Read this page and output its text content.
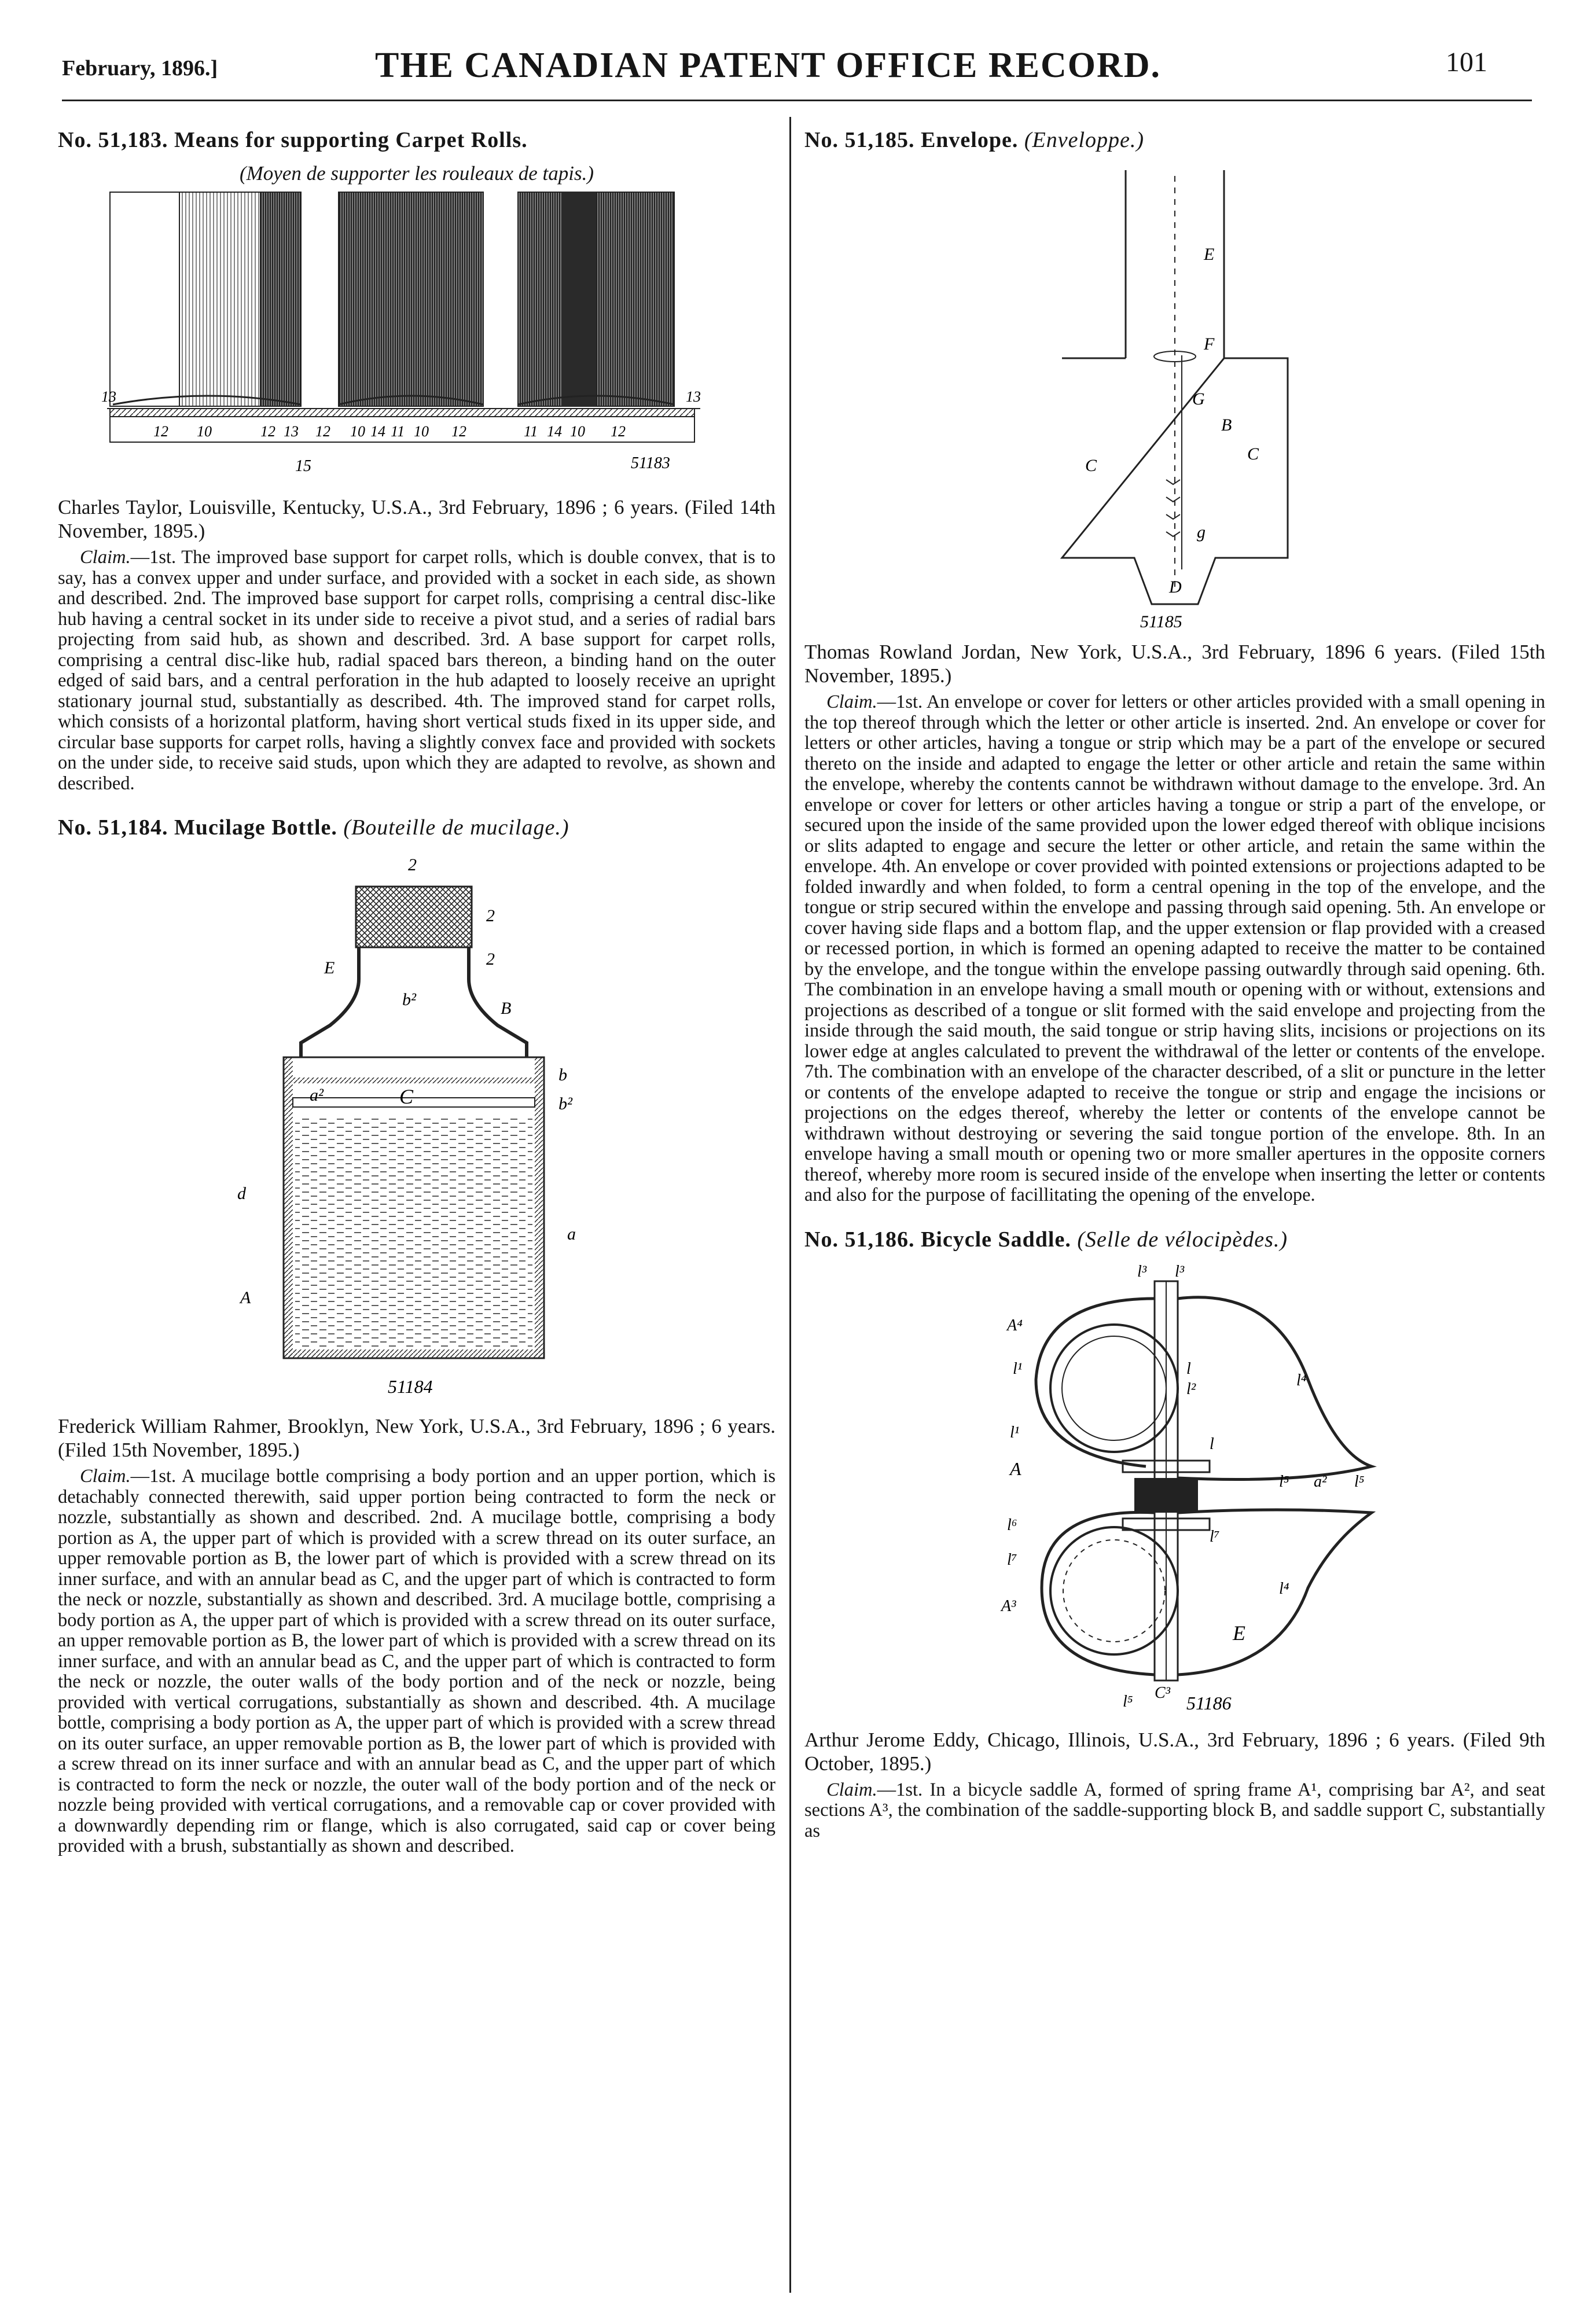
February, 1896.]	THE CANADIAN PATENT OFFICE RECORD.	101
No. 51,183. Means for supporting Carpet Rolls.
(Moyen de supporter les rouleaux de tapis.)
13
12 10	12 13 12 10 14 11 10 12	11 14 10 12
13
15	51183
Charles Taylor, Louisville, Kentucky, U.S.A., 3rd February, 1896 ; 6 years. (Filed 14th November, 1895.)

Claim.—1st. The improved base support for carpet rolls, which is double convex, that is to say, has a convex upper and under surface, and provided with a socket in each side, as shown and described. 2nd. The improved base support for carpet rolls, comprising a central disc-like hub having a central socket in its under side to receive a pivot stud, and a series of radial bars projecting from said hub, as shown and described. 3rd. A base support for carpet rolls, comprising a central disc-like hub, radial spaced bars thereon, a binding hand on the outer edged of said bars, and a central perforation in the hub adapted to loosely receive an upright stationary journal stud, substantially as described. 4th. The improved stand for carpet rolls, which consists of a horizontal platform, having short vertical studs fixed in its upper side, and circular base supports for carpet rolls, having a slightly convex face and provided with sockets on the under side, to receive said studs, upon which they are adapted to revolve, as shown and described.

No. 51,184. Mucilage Bottle. (Bouteille de mucilage.)
2
E
2
2
b²	B
a²	C
b
b²
d
a
A
51184
Frederick William Rahmer, Brooklyn, New York, U.S.A., 3rd February, 1896 ; 6 years. (Filed 15th November, 1895.)

Claim.—1st. A mucilage bottle comprising a body portion and an upper portion, which is detachably connected therewith, said upper portion being contracted to form the neck or nozzle, substantially as shown and described. 2nd. A mucilage bottle, comprising a body portion as A, the upper part of which is provided with a screw thread on its outer surface, an upper removable portion as B, the lower part of which is provided with a screw thread on its inner surface, and with an annular bead as C, and the upger part of which is contracted to form the neck or nozzle, substantially as shown and described. 3rd. A mucilage bottle, comprising a body portion as A, the upper part of which is provided with a screw thread on its outer surface, an upper removable portion as B, the lower part of which is provided with a screw thread on its inner surface, and with an annular bead as C, and the upper part of which is contracted to form the neck or nozzle, the outer walls of the body portion and of the neck or nozzle, being provided with vertical corrugations, substantially as shown and described. 4th. A mucilage bottle, comprising a body portion as A, the upper part of which is provided with a screw thread on its outer surface, an upper removable portion as B, the lower part of which is provided with a screw thread on its inner surface and with an annular bead as C, and the upper part of which is contracted to form the neck or nozzle, the outer wall of the body portion and of the neck or nozzle being provided with vertical corrugations, and a removable cap or cover provided with a downwardly depending rim or flange, which is also corrugated, said cap or cover being provided with a brush, substantially as shown and described.

No. 51,185. Envelope. (Enveloppe.)
E
F
G
B
C
C
g
D
51185
Thomas Rowland Jordan, New York, U.S.A., 3rd February, 1896 6 years. (Filed 15th November, 1895.)

Claim.—1st. An envelope or cover for letters or other articles provided with a small opening in the top thereof through which the letter or other article is inserted. 2nd. An envelope or cover for letters or other articles, having a tongue or strip which may be a part of the envelope or secured thereto on the inside and adapted to engage the letter or other article and retain the same within the envelope, whereby the contents cannot be withdrawn without damage to the envelope. 3rd. An envelope or cover for letters or other articles having a tongue or strip a part of the envelope, or secured upon the inside of the same provided upon the lower edged thereof with oblique incisions or slits adapted to engage and secure the letter or other article, and retain the same within the envelope. 4th. An envelope or cover provided with pointed extensions or projections adapted to be folded inwardly and when folded, to form a central opening in the top of the envelope, and the tongue or strip secured within the envelope and passing through said opening. 5th. An envelope or cover having side flaps and a bottom flap, and the upper extension or flap provided with a creased or recessed portion, in which is formed an opening adapted to receive the matter to be contained by the envelope, and the tongue within the envelope passing outwardly through said opening. 6th. The combination in an envelope having a small mouth or opening with or without, extensions and projections as described of a tongue or slit formed with the said envelope and projecting from the inside through the said mouth, the said tongue or strip having slits, incisions or projections on its lower edge at angles calculated to prevent the withdrawal of the letter or contents of the envelope. 7th. The combination with an envelope of the character described, of a slit or puncture in the letter or contents of the envelope adapted to receive the tongue or strip and engage the incisions or projections on the edges thereof, whereby the letter or contents of the envelope cannot be withdrawn without destroying or severing the said tongue portion of the envelope. 8th. In an envelope having a small mouth or opening two or more smaller apertures in the opposite corners thereof, whereby more room is secured inside of the envelope when inserting the letter or contents and also for the purpose of facillitating the opening of the envelope.

No. 51,186. Bicycle Saddle. (Selle de vélocipèdes.)
l³ l³
A⁴
l¹	l
l²	l⁴
l¹
l
A
l⁵ a² l⁵
l⁶
l⁷
l⁷
A³
l⁴
E
l⁵ C³ 51186
Arthur Jerome Eddy, Chicago, Illinois, U.S.A., 3rd February, 1896 ; 6 years. (Filed 9th October, 1895.)

Claim.—1st. In a bicycle saddle A, formed of spring frame A¹, comprising bar A², and seat sections A³, the combination of the saddle-supporting block B, and saddle support C, substantially as
